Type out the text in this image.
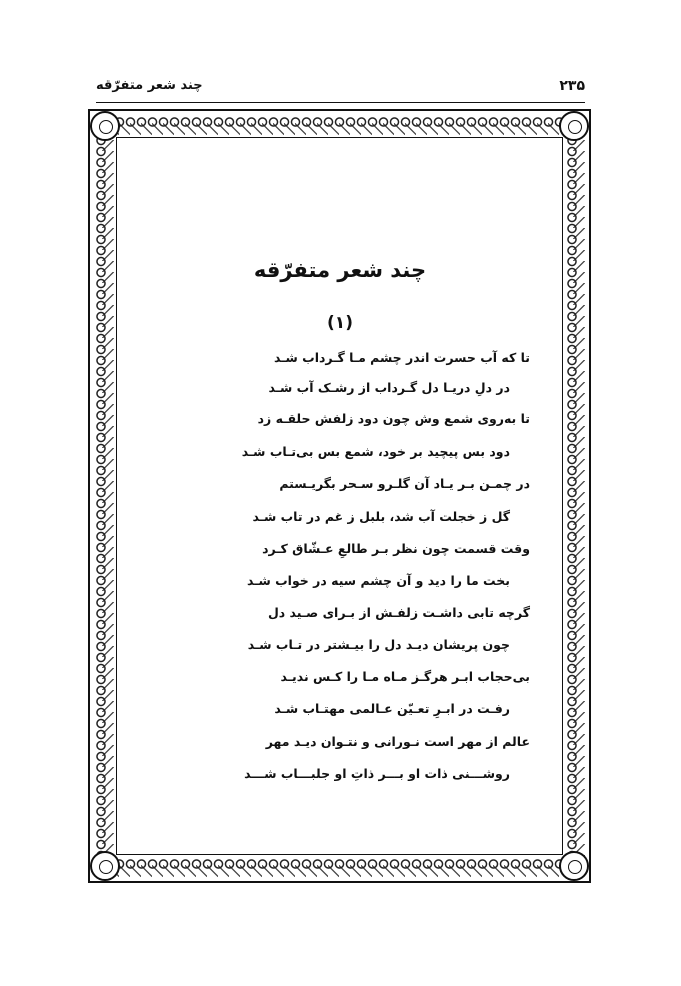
چند شعر متفرّقه	۲۳۵
چند شعر متفرّقه
(۱)
تا که آب حسرت اندر چشم مـا گـرداب شـد
در دلِ دریـا دل گـرداب از رشـک آب شـد
تا به‌روی شمع وش چون دود زلفش حلقـه زد
دود بس پیچید بر خود، شمع بس بی‌تـاب شـد
در چمـن بـر یـاد آن گلـرو سـحر بگریـستم
گل ز خجلت آب شد، بلبل ز غم در تاب شـد
وقت قسمت چون نظر بـر طالعِ عـشّاق کـرد
بخت ما را دید و آن چشم سیه در خواب شـد
گرچه تابی داشـت زلفـش از بـرای صـید دل
چون پریشان دیـد دل را بیـشتر در تـاب شـد
بی‌حجاب ابـر هرگـز مـاه مـا را کـس ندیـد
رفـت در ابـرِ تعـیّن عـالمی مهتـاب شـد
عالم از مهر است نـورانی و نتـوان دیـد مهر
روشـــنی ذات او بـــر ذاتِ او جلبـــاب شـــد
